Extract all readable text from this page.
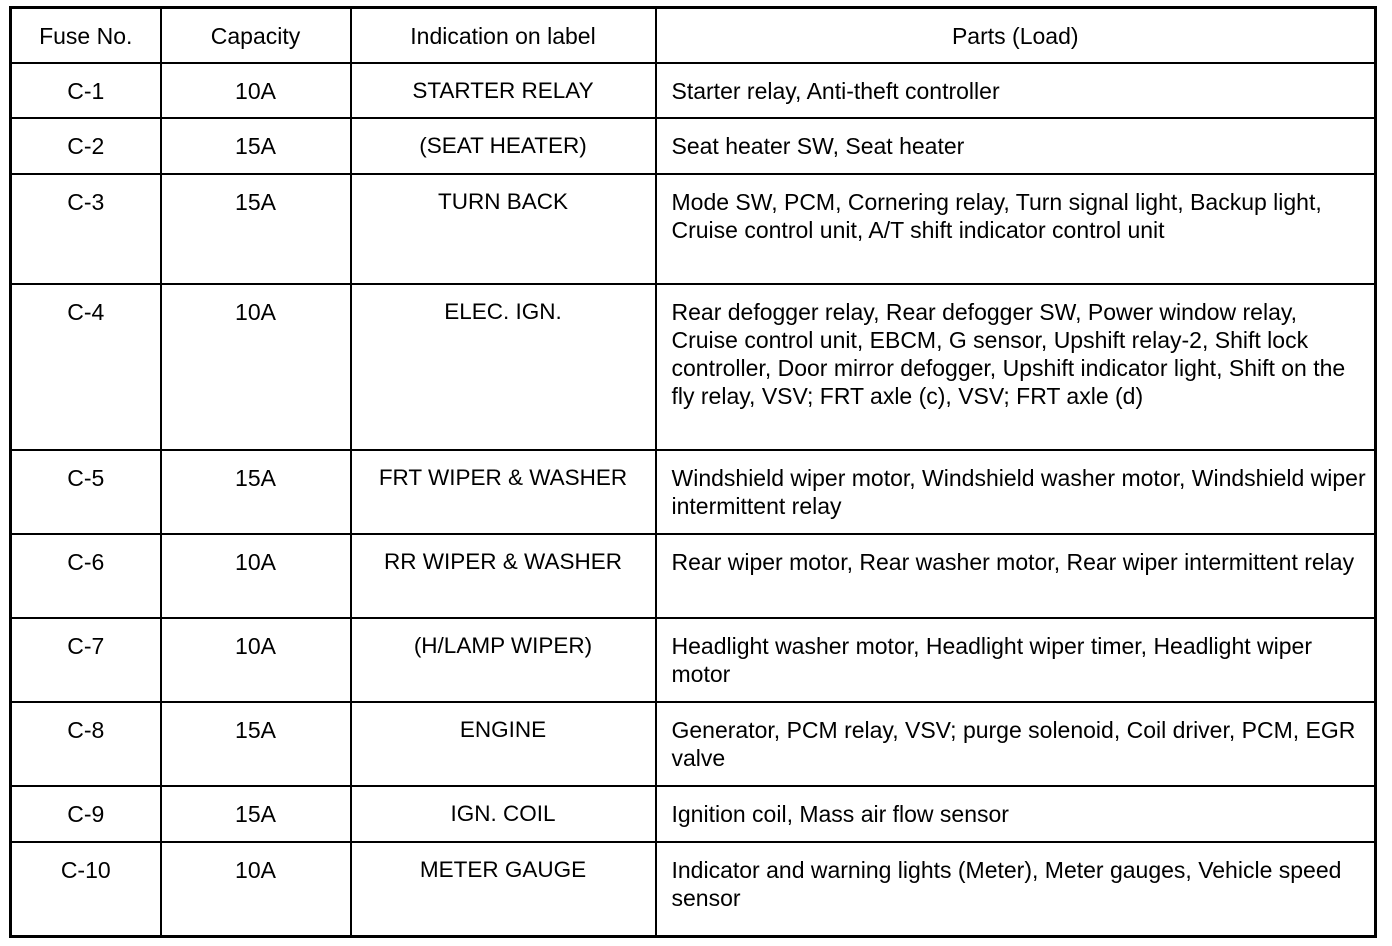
Fuse No.	Capacity	Indication on label	Parts (Load)
C-1	10A	STARTER RELAY	Starter relay, Anti-theft controller
C-2	15A	(SEAT HEATER)	Seat heater SW, Seat heater
C-3	15A	TURN BACK	Mode SW, PCM, Cornering relay, Turn signal light, Backup light, Cruise control unit, A/T shift indicator control unit
C-4	10A	ELEC. IGN.	Rear defogger relay, Rear defogger SW, Power window relay, Cruise control unit, EBCM, G sensor, Upshift relay-2, Shift lock controller, Door mirror defogger, Upshift indicator light, Shift on the fly relay, VSV; FRT axle (c), VSV; FRT axle (d)
C-5	15A	FRT WIPER & WASHER	Windshield wiper motor, Windshield washer motor, Windshield wiper intermittent relay
C-6	10A	RR WIPER & WASHER	Rear wiper motor, Rear washer motor, Rear wiper intermittent relay
C-7	10A	(H/LAMP WIPER)	Headlight washer motor, Headlight wiper timer, Headlight wiper motor
C-8	15A	ENGINE	Generator, PCM relay, VSV; purge solenoid, Coil driver, PCM, EGR valve
C-9	15A	IGN. COIL	Ignition coil, Mass air flow sensor
C-10	10A	METER GAUGE	Indicator and warning lights (Meter), Meter gauges, Vehicle speed sensor
